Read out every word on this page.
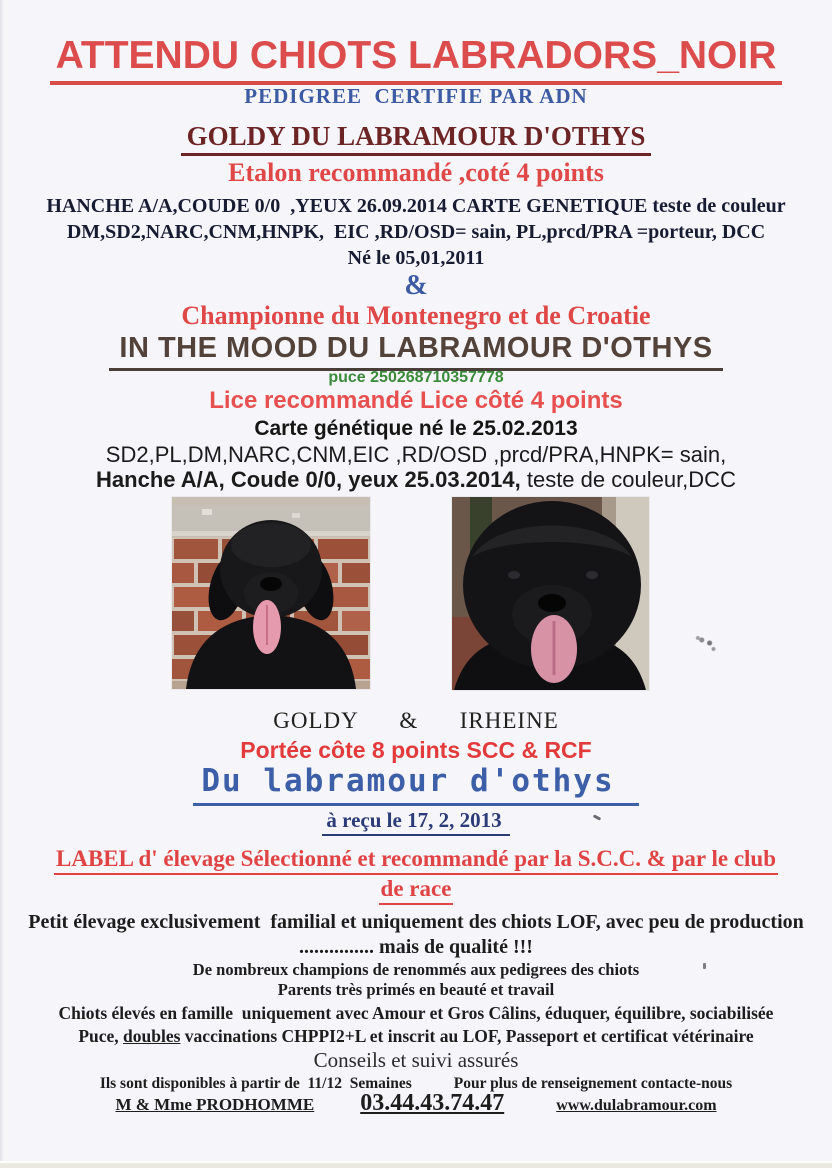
ATTENDU CHIOTS LABRADORS_NOIR
PEDIGREE  CERTIFIE PAR ADN
GOLDY DU LABRAMOUR D'OTHYS
Etalon recommandé ,coté 4 points
HANCHE A/A,COUDE 0/0  ,YEUX 26.09.2014 CARTE GENETIQUE teste de couleur
DM,SD2,NARC,CNM,HNPK,  EIC ,RD/OSD= sain, PL,prcd/PRA =porteur, DCC
Né le 05,01,2011
&
Championne du Montenegro et de Croatie
IN THE MOOD DU LABRAMOUR D'OTHYS
puce 250268710357778
Lice recommandé Lice côté 4 points
Carte génétique né le 25.02.2013
SD2,PL,DM,NARC,CNM,EIC ,RD/OSD ,prcd/PRA,HNPK= sain,
Hanche A/A, Coude 0/0, yeux 25.03.2014, teste de couleur,DCC
GOLDY  &  IRHEINE
Portée côte 8 points SCC & RCF
Du labramour d'othys
à reçu le 17, 2, 2013
LABEL d' élevage Sélectionné et recommandé par la S.C.C. & par le club
de race
Petit élevage exclusivement  familial et uniquement des chiots LOF, avec peu de production
............... mais de qualité !!!
De nombreux champions de renommés aux pedigrees des chiots
Parents très primés en beauté et travail
Chiots élevés en famille  uniquement avec Amour et Gros Câlins, éduquer, équilibre, sociabilisée
Puce, doubles vaccinations CHPPI2+L et inscrit au LOF, Passeport et certificat vétérinaire
Conseils et suivi assurés
Ils sont disponibles à partir de  11/12  Semaines	Pour plus de renseignement contacte-nous
M & Mme PRODHOMME 03.44.43.74.47	www.dulabramour.com
